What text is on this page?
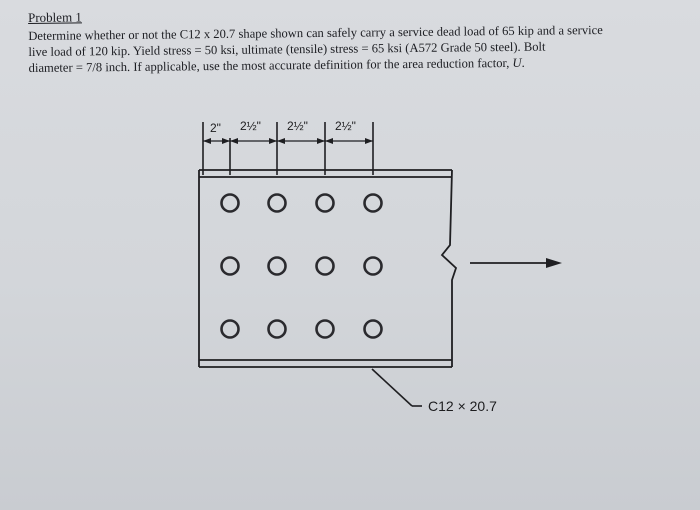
Problem 1
Determine whether or not the C12 x 20.7 shape shown can safely carry a service dead load of 65 kip and a service
live load of 120 kip. Yield stress = 50 ksi, ultimate (tensile) stress = 65 ksi (A572 Grade 50 steel). Bolt
diameter = 7/8 inch. If applicable, use the most accurate definition for the area reduction factor, U.
2" 2½" 2½" 2½"
C12 × 20.7
